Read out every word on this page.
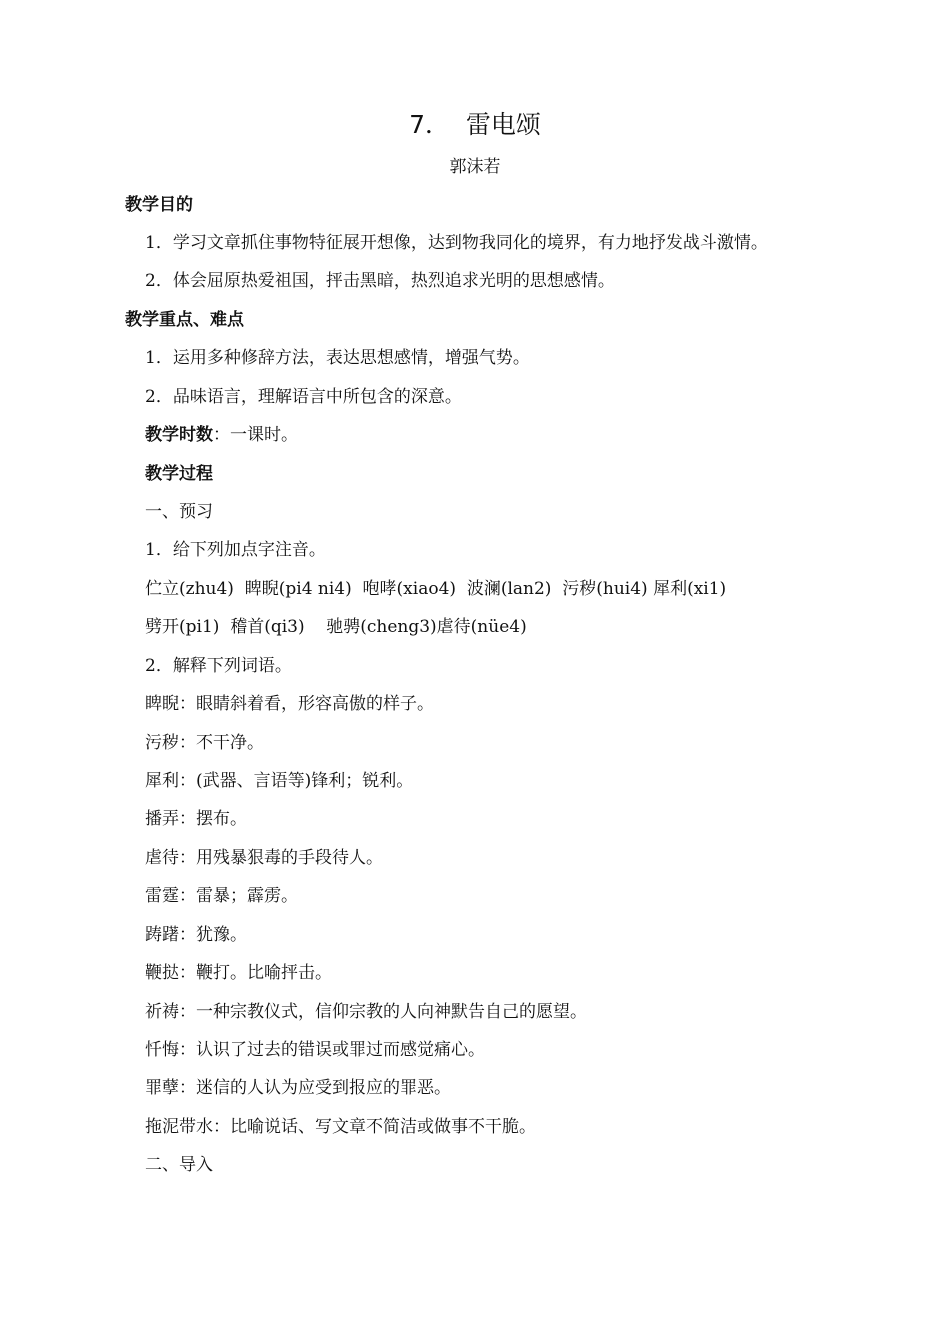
7．  雷电颂
郭沫若
教学目的
1．学习文章抓住事物特征展开想像，达到物我同化的境界，有力地抒发战斗激情。
2．体会屈原热爱祖国，抨击黑暗，热烈追求光明的思想感情。
教学重点、难点
1．运用多种修辞方法，表达思想感情，增强气势。
2．品味语言，理解语言中所包含的深意。
教学时数：一课时。
教学过程
一、预习
1．给下列加点字注音。
伫立(zhu4)  睥睨(pi4 ni4)  咆哮(xiao4)  波澜(lan2)  污秽(hui4) 犀利(xi1)
劈开(pi1)  稽首(qi3)    驰骋(cheng3)虐待(nüe4)
2．解释下列词语。
睥睨：眼睛斜着看，形容高傲的样子。
污秽：不干净。
犀利：(武器、言语等)锋利；锐利。
播弄：摆布。
虐待：用残暴狠毒的手段待人。
雷霆：雷暴；霹雳。
踌躇：犹豫。
鞭挞：鞭打。比喻抨击。
祈祷：一种宗教仪式，信仰宗教的人向神默告自己的愿望。
忏悔：认识了过去的错误或罪过而感觉痛心。
罪孽：迷信的人认为应受到报应的罪恶。
拖泥带水：比喻说话、写文章不简洁或做事不干脆。
二、导入
